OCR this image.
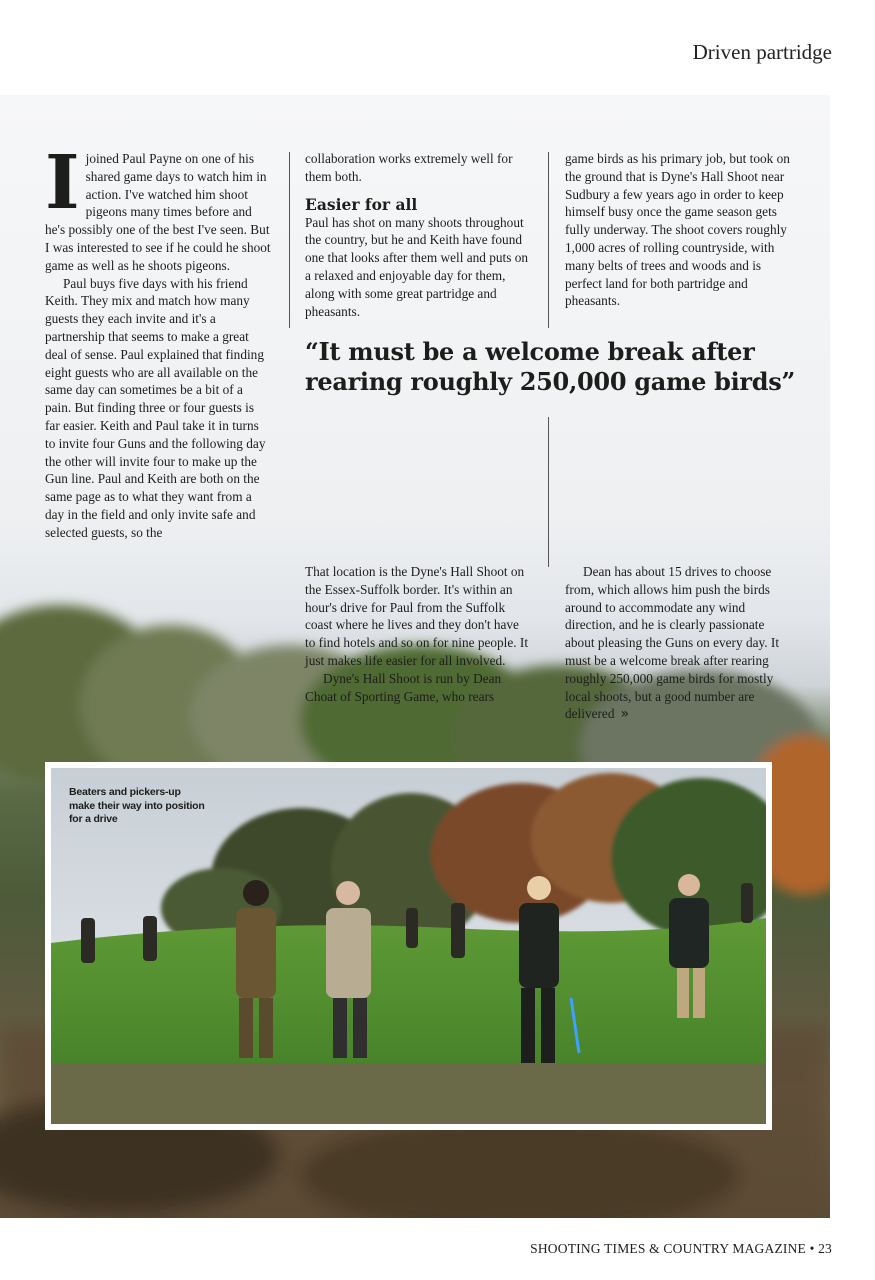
Driven partridge

Ijoined Paul Payne on one of his shared game days to watch him in action. I've watched him shoot pigeons many times before and he's possibly one of the best I've seen. But I was interested to see if he could he shoot game as well as he shoots pigeons.

Paul buys five days with his friend Keith. They mix and match how many guests they each invite and it's a partnership that seems to make a great deal of sense. Paul explained that finding eight guests who are all available on the same day can sometimes be a bit of a pain. But finding three or four guests is far easier. Keith and Paul take it in turns to invite four Guns and the following day the other will invite four to make up the Gun line. Paul and Keith are both on the same page as to what they want from a day in the field and only invite safe and selected guests, so the

collaboration works extremely well for them both.

Easier for all

Paul has shot on many shoots throughout the country, but he and Keith have found one that looks after them well and puts on a relaxed and enjoyable day for them, along with some great partridge and pheasants.

game birds as his primary job, but took on the ground that is Dyne's Hall Shoot near Sudbury a few years ago in order to keep himself busy once the game season gets fully underway. The shoot covers roughly 1,000 acres of rolling countryside, with many belts of trees and woods and is perfect land for both partridge and pheasants.

That location is the Dyne's Hall Shoot on the Essex-Suffolk border. It's within an hour's drive for Paul from the Suffolk coast where he lives and they don't have to find hotels and so on for nine people. It just makes life easier for all involved.

Dyne's Hall Shoot is run by Dean Choat of Sporting Game, who rears

Dean has about 15 drives to choose from, which allows him push the birds around to accommodate any wind direction, and he is clearly passionate about pleasing the Guns on every day. It must be a welcome break after rearing roughly 250,000 game birds for mostly local shoots, but a good number are delivered »

“It must be a welcome break after rearing roughly 250,000 game birds”
Beaters and pickers-up make their way into position for a drive
SHOOTING TIMES & COUNTRY MAGAZINE • 23
